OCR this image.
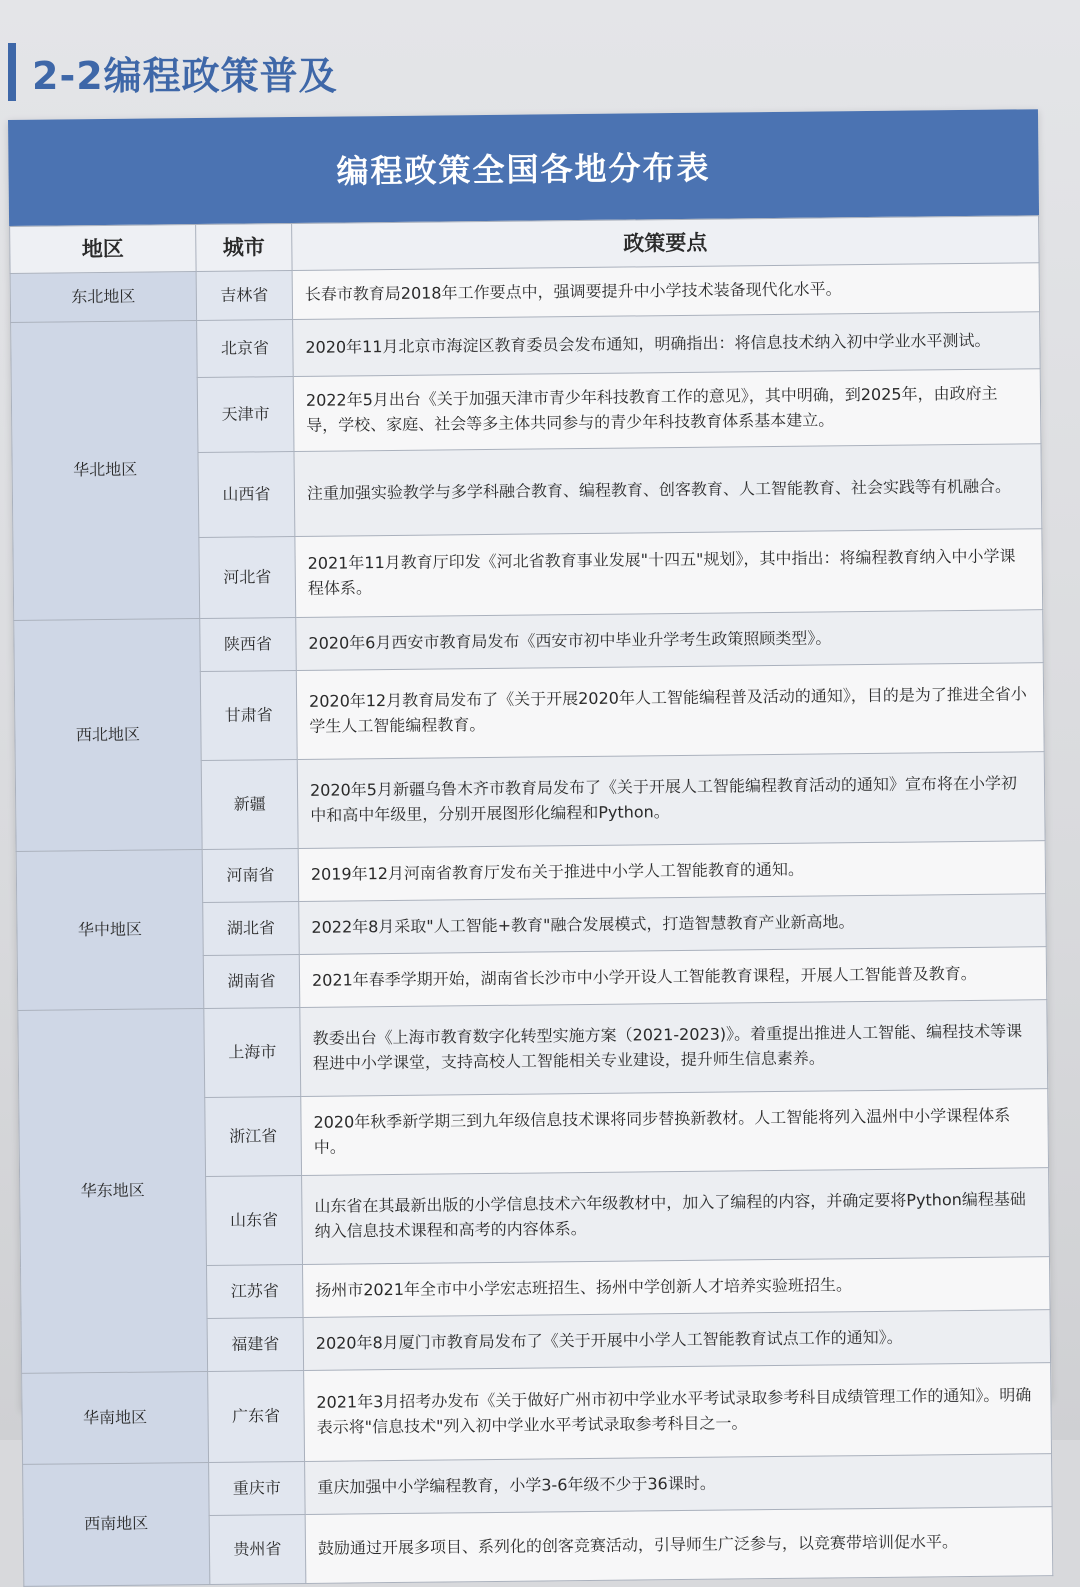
2-2编程政策普及
编程政策全国各地分布表
地区	城市	政策要点
东北地区	吉林省	长春市教育局2018年工作要点中，强调要提升中小学技术装备现代化水平。
华北地区	北京省	2020年11月北京市海淀区教育委员会发布通知，明确指出：将信息技术纳入初中学业水平测试。
	天津市	2022年5月出台《关于加强天津市青少年科技教育工作的意见》，其中明确，到2025年，由政府主导，学校、家庭、社会等多主体共同参与的青少年科技教育体系基本建立。
	山西省	注重加强实验教学与多学科融合教育、编程教育、创客教育、人工智能教育、社会实践等有机融合。
	河北省	2021年11月教育厅印发《河北省教育事业发展"十四五"规划》，其中指出：将编程教育纳入中小学课程体系。
西北地区	陕西省	2020年6月西安市教育局发布《西安市初中毕业升学考生政策照顾类型》。
	甘肃省	2020年12月教育局发布了《关于开展2020年人工智能编程普及活动的通知》，目的是为了推进全省小学生人工智能编程教育。
	新疆	2020年5月新疆乌鲁木齐市教育局发布了《关于开展人工智能编程教育活动的通知》宣布将在小学初中和高中年级里，分别开展图形化编程和Python。
华中地区	河南省	2019年12月河南省教育厅发布关于推进中小学人工智能教育的通知。
	湖北省	2022年8月采取"人工智能+教育"融合发展模式，打造智慧教育产业新高地。
	湖南省	2021年春季学期开始，湖南省长沙市中小学开设人工智能教育课程，开展人工智能普及教育。
华东地区	上海市	教委出台《上海市教育数字化转型实施方案（2021-2023)》。着重提出推进人工智能、编程技术等课程进中小学课堂，支持高校人工智能相关专业建设，提升师生信息素养。
	浙江省	2020年秋季新学期三到九年级信息技术课将同步替换新教材。人工智能将列入温州中小学课程体系中。
	山东省	山东省在其最新出版的小学信息技术六年级教材中，加入了编程的内容，并确定要将Python编程基础纳入信息技术课程和高考的内容体系。
	江苏省	扬州市2021年全市中小学宏志班招生、扬州中学创新人才培养实验班招生。
	福建省	2020年8月厦门市教育局发布了《关于开展中小学人工智能教育试点工作的通知》。
华南地区	广东省	2021年3月招考办发布《关于做好广州市初中学业水平考试录取参考科目成绩管理工作的通知》。明确表示将"信息技术"列入初中学业水平考试录取参考科目之一。
西南地区	重庆市	重庆加强中小学编程教育，小学3-6年级不少于36课时。
	贵州省	鼓励通过开展多项目、系列化的创客竞赛活动，引导师生广泛参与，以竞赛带培训促水平。
